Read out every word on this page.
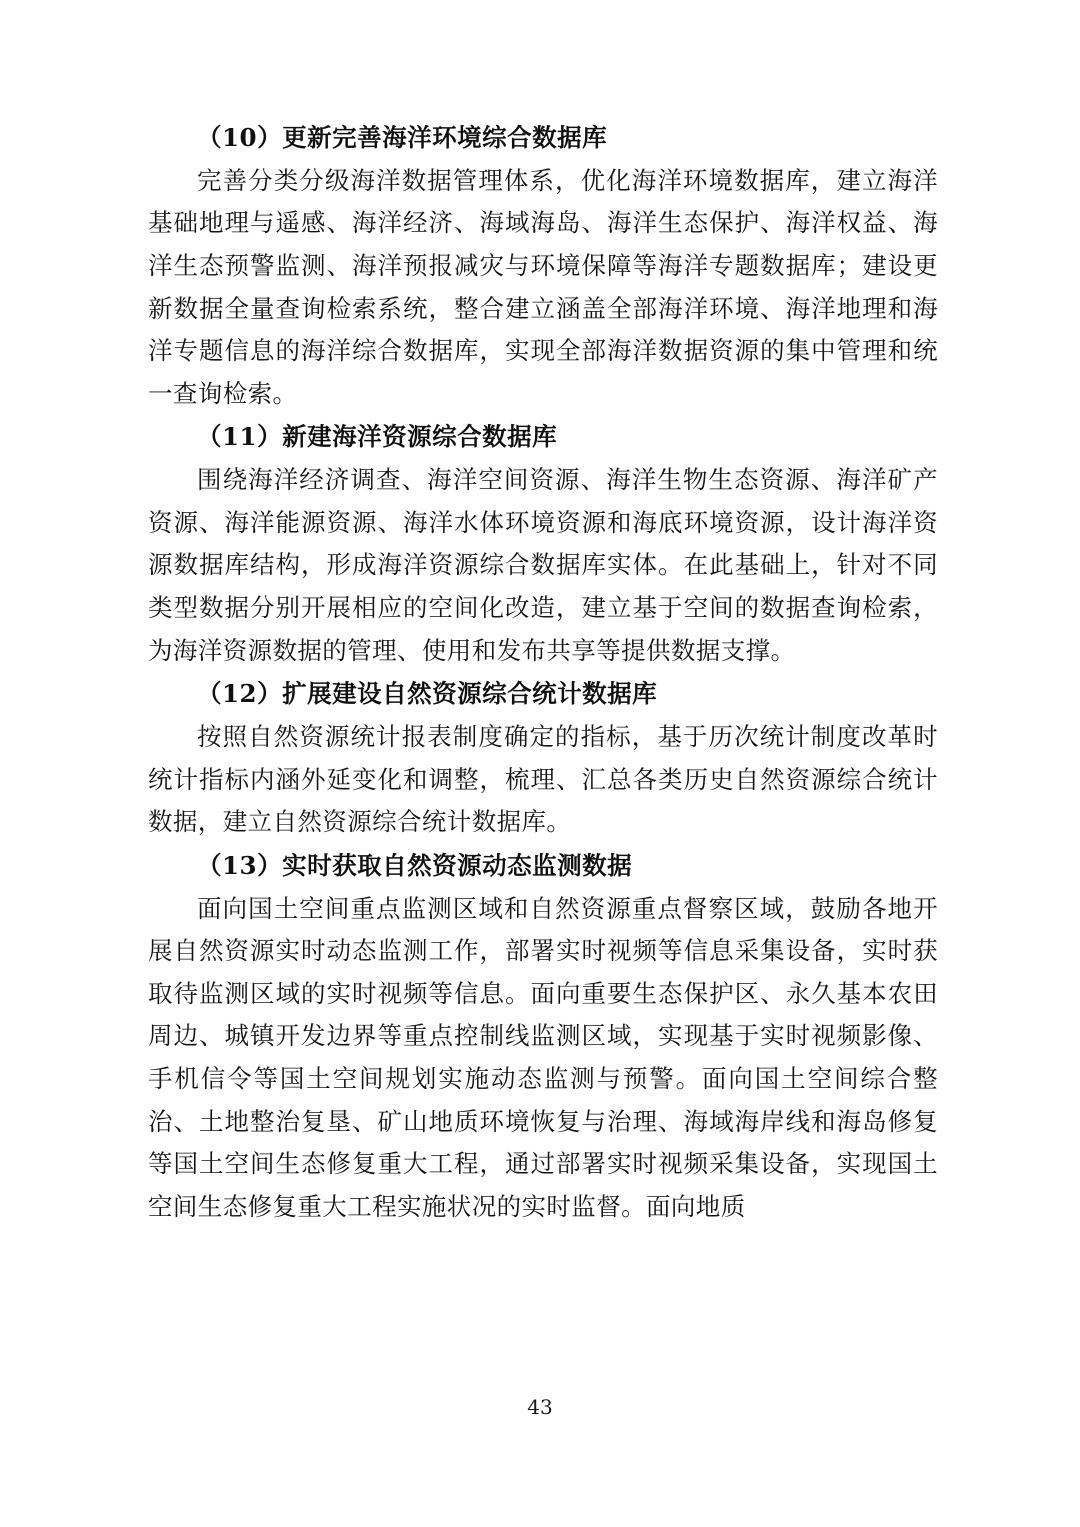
（10）更新完善海洋环境综合数据库

完善分类分级海洋数据管理体系，优化海洋环境数据库，建立海洋基础地理与遥感、海洋经济、海域海岛、海洋生态保护、海洋权益、海洋生态预警监测、海洋预报减灾与环境保障等海洋专题数据库；建设更新数据全量查询检索系统，整合建立涵盖全部海洋环境、海洋地理和海洋专题信息的海洋综合数据库，实现全部海洋数据资源的集中管理和统一查询检索。

（11）新建海洋资源综合数据库

围绕海洋经济调查、海洋空间资源、海洋生物生态资源、海洋矿产资源、海洋能源资源、海洋水体环境资源和海底环境资源，设计海洋资源数据库结构，形成海洋资源综合数据库实体。在此基础上，针对不同类型数据分别开展相应的空间化改造，建立基于空间的数据查询检索，为海洋资源数据的管理、使用和发布共享等提供数据支撑。

（12）扩展建设自然资源综合统计数据库

按照自然资源统计报表制度确定的指标，基于历次统计制度改革时统计指标内涵外延变化和调整，梳理、汇总各类历史自然资源综合统计数据，建立自然资源综合统计数据库。

（13）实时获取自然资源动态监测数据

面向国土空间重点监测区域和自然资源重点督察区域，鼓励各地开展自然资源实时动态监测工作，部署实时视频等信息采集设备，实时获取待监测区域的实时视频等信息。面向重要生态保护区、永久基本农田周边、城镇开发边界等重点控制线监测区域，实现基于实时视频影像、手机信令等国土空间规划实施动态监测与预警。面向国土空间综合整治、土地整治复垦、矿山地质环境恢复与治理、海域海岸线和海岛修复等国土空间生态修复重大工程，通过部署实时视频采集设备，实现国土空间生态修复重大工程实施状况的实时监督。面向地质

43
